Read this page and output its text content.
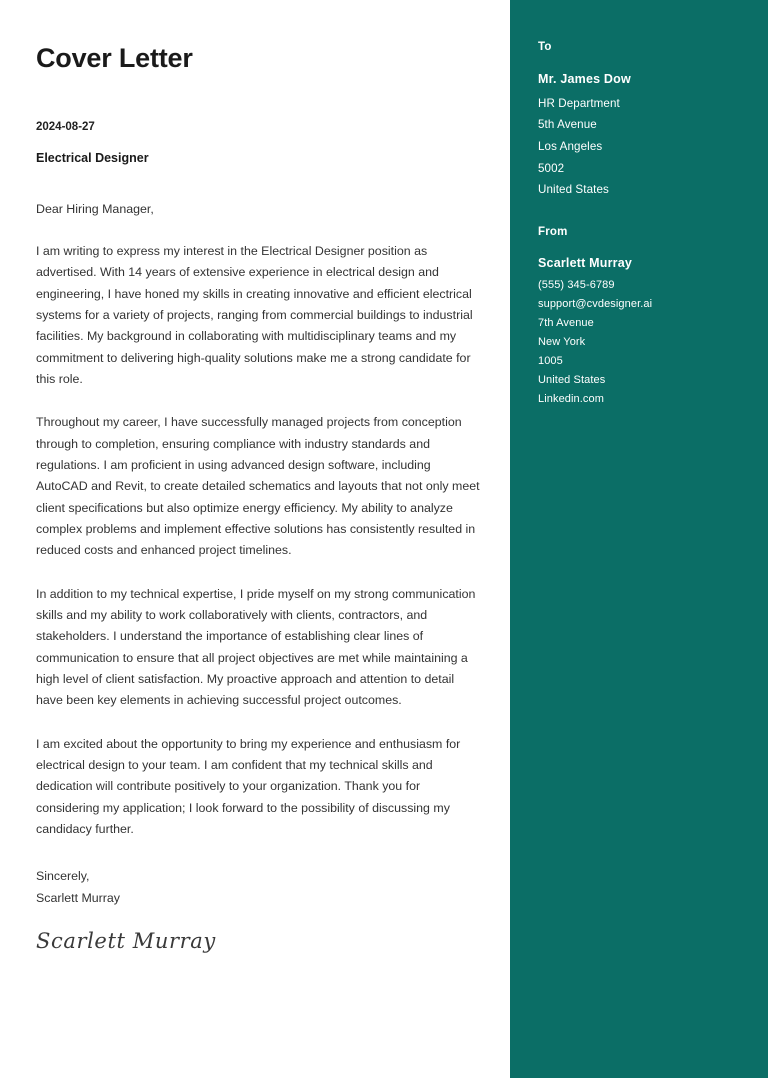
Cover Letter
2024-08-27
Electrical Designer
Dear Hiring Manager,

I am writing to express my interest in the Electrical Designer position as advertised. With 14 years of extensive experience in electrical design and engineering, I have honed my skills in creating innovative and efficient electrical systems for a variety of projects, ranging from commercial buildings to industrial facilities. My background in collaborating with multidisciplinary teams and my commitment to delivering high-quality solutions make me a strong candidate for this role.

Throughout my career, I have successfully managed projects from conception through to completion, ensuring compliance with industry standards and regulations. I am proficient in using advanced design software, including AutoCAD and Revit, to create detailed schematics and layouts that not only meet client specifications but also optimize energy efficiency. My ability to analyze complex problems and implement effective solutions has consistently resulted in reduced costs and enhanced project timelines.

In addition to my technical expertise, I pride myself on my strong communication skills and my ability to work collaboratively with clients, contractors, and stakeholders. I understand the importance of establishing clear lines of communication to ensure that all project objectives are met while maintaining a high level of client satisfaction. My proactive approach and attention to detail have been key elements in achieving successful project outcomes.

I am excited about the opportunity to bring my experience and enthusiasm for electrical design to your team. I am confident that my technical skills and dedication will contribute positively to your organization. Thank you for considering my application; I look forward to the possibility of discussing my candidacy further.

Sincerely,
Scarlett Murray
Scarlett Murray
To
Mr. James Dow
HR Department
5th Avenue
Los Angeles
5002
United States
From
Scarlett Murray
(555) 345-6789
support@cvdesigner.ai
7th Avenue
New York
1005
United States
Linkedin.com
